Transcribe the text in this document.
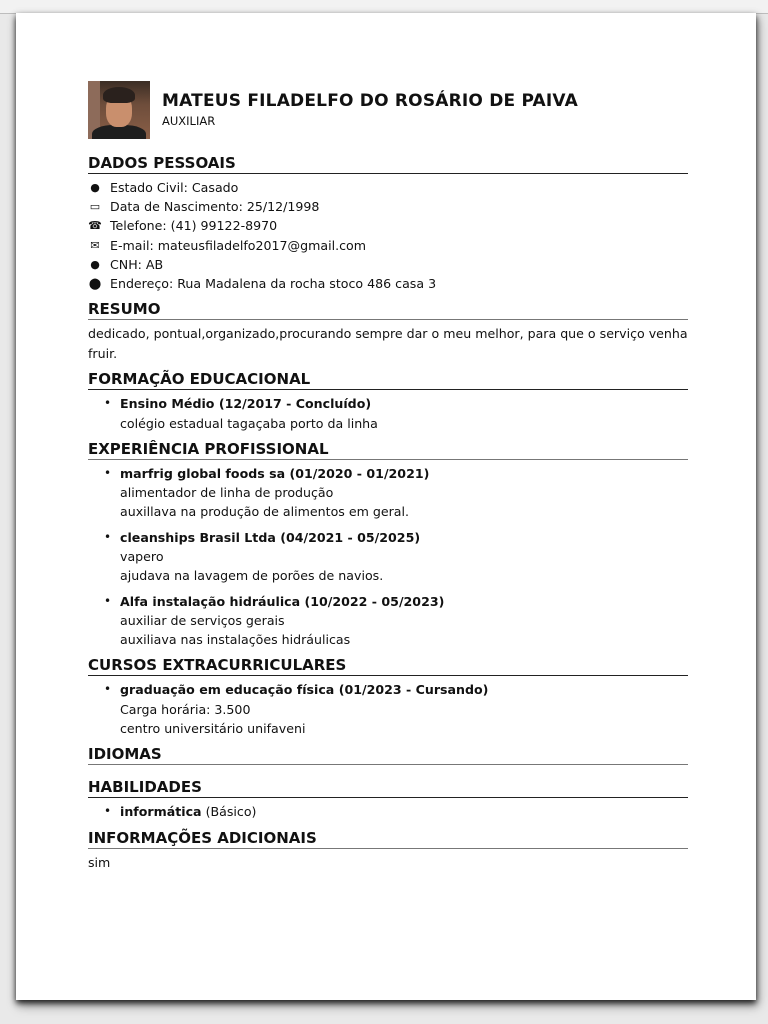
MATEUS FILADELFO DO ROSÁRIO DE PAIVA
AUXILIAR
DADOS PESSOAIS
● Estado Civil: Casado
▭ Data de Nascimento: 25/12/1998
☎ Telefone: (41) 99122-8970
✉ E-mail: mateusfiladelfo2017@gmail.com
● CNH: AB
⬤ Endereço: Rua Madalena da rocha stoco 486 casa 3
RESUMO
dedicado, pontual,organizado,procurando sempre dar o meu melhor, para que o serviço venha fruir.
FORMAÇÃO EDUCACIONAL
• Ensino Médio (12/2017 - Concluído)
colégio estadual tagaçaba porto da linha
EXPERIÊNCIA PROFISSIONAL
• marfrig global foods sa (01/2020 - 01/2021)
alimentador de linha de produção
auxillava na produção de alimentos em geral.
• cleanships Brasil Ltda (04/2021 - 05/2025)
vapero
ajudava na lavagem de porões de navios.
• Alfa instalação hidráulica (10/2022 - 05/2023)
auxiliar de serviços gerais
auxiliava nas instalações hidráulicas
CURSOS EXTRACURRICULARES
• graduação em educação física (01/2023 - Cursando)
Carga horária: 3.500
centro universitário unifaveni
IDIOMAS
HABILIDADES
• informática (Básico)
INFORMAÇÕES ADICIONAIS
sim
